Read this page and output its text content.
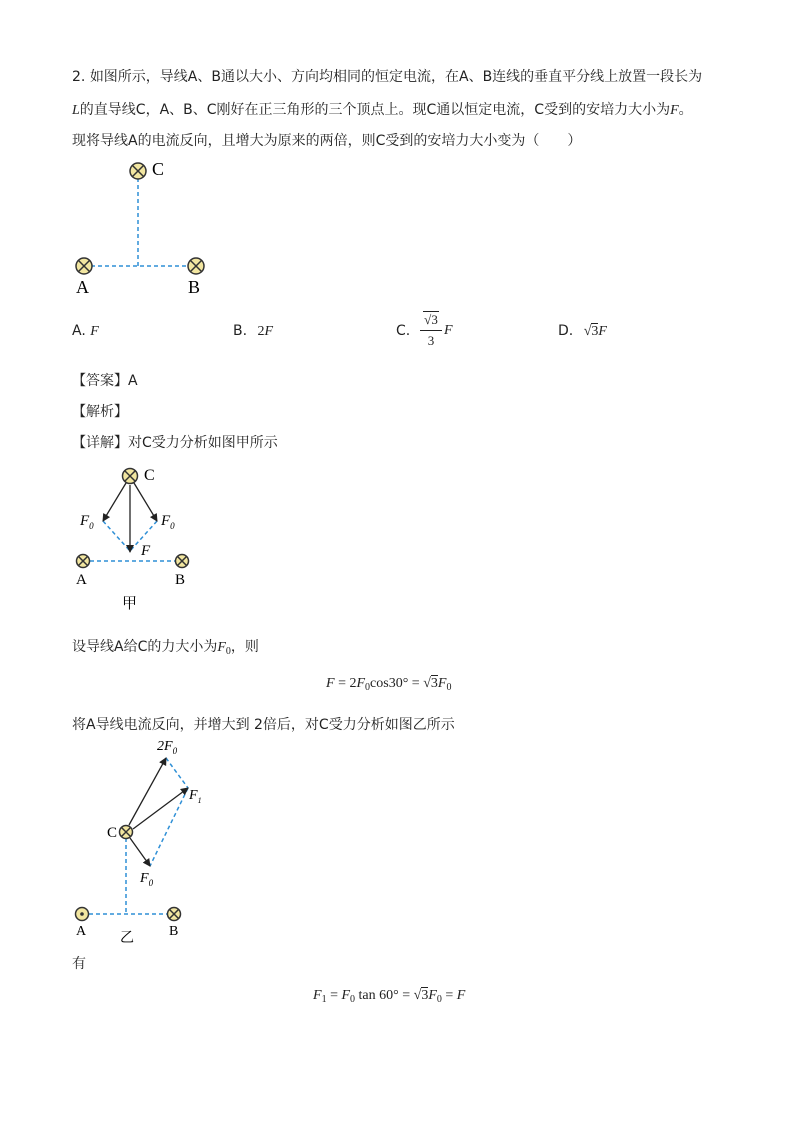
2. 如图所示，导线A、B通以大小、方向均相同的恒定电流，在A、B连线的垂直平分线上放置一段长为
L的直导线C，A、B、C刚好在正三角形的三个顶点上。现C通以恒定电流，C受到的安培力大小为F。
现将导线A的电流反向，且增大为原来的两倍，则C受到的安培力大小变为（　　）
C
A	B
A. F	B. 2F	C.
√3
3
F	D. √3F
【答案】A
【解析】
【详解】对C受力分析如图甲所示
C
$F_0$	$F_0$
F
A	B
甲
设导线A给C的力大小为$F_0$，则
$F = 2F_0\cos 30^\circ = √3F_0$
将A导线电流反向，并增大到 2倍后，对C受力分析如图乙所示
$2F_0$
$F_1$
C
$F_0$
A	B
乙
有
$F_1 = F_0$ $\tan 60^\circ = √3F_0 = F$
